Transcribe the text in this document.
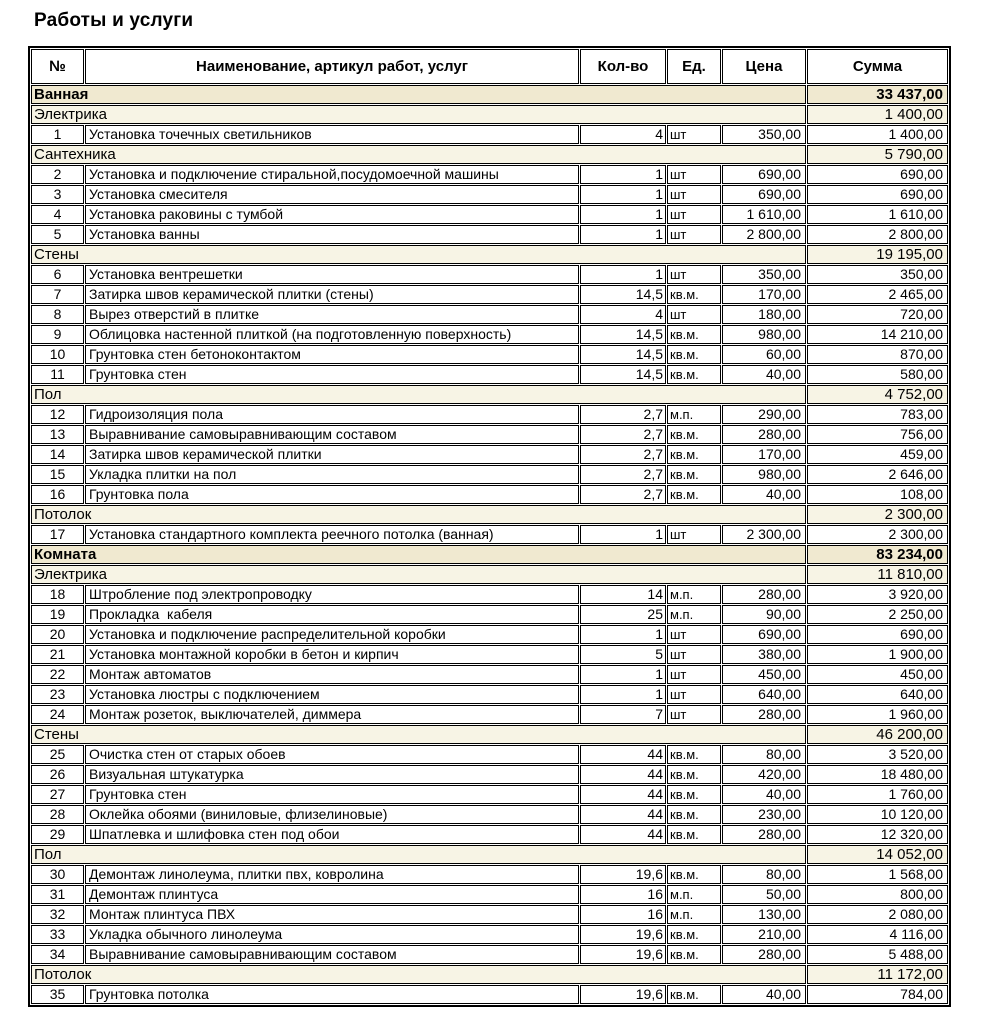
Работы и услуги
№	Наименование, артикул работ, услуг	Кол-во	Ед.	Цена	Сумма
Ванная					33 437,00
Электрика					1 400,00
1	Установка точечных светильников	4	шт	350,00	1 400,00
Сантехника					5 790,00
2	Установка и подключение стиральной,посудомоечной машины	1	шт	690,00	690,00
3	Установка смесителя	1	шт	690,00	690,00
4	Установка раковины с тумбой	1	шт	1 610,00	1 610,00
5	Установка ванны	1	шт	2 800,00	2 800,00
Стены					19 195,00
6	Установка вентрешетки	1	шт	350,00	350,00
7	Затирка швов керамической плитки (стены)	14,5	кв.м.	170,00	2 465,00
8	Вырез отверстий в плитке	4	шт	180,00	720,00
9	Облицовка настенной плиткой (на подготовленную поверхность)	14,5	кв.м.	980,00	14 210,00
10	Грунтовка стен бетоноконтактом	14,5	кв.м.	60,00	870,00
11	Грунтовка стен	14,5	кв.м.	40,00	580,00
Пол					4 752,00
12	Гидроизоляция пола	2,7	м.п.	290,00	783,00
13	Выравнивание самовыравнивающим составом	2,7	кв.м.	280,00	756,00
14	Затирка швов керамической плитки	2,7	кв.м.	170,00	459,00
15	Укладка плитки на пол	2,7	кв.м.	980,00	2 646,00
16	Грунтовка пола	2,7	кв.м.	40,00	108,00
Потолок					2 300,00
17	Установка стандартного комплекта реечного потолка (ванная)	1	шт	2 300,00	2 300,00
Комната					83 234,00
Электрика					11 810,00
18	Штробление под электропроводку	14	м.п.	280,00	3 920,00
19	Прокладка  кабеля	25	м.п.	90,00	2 250,00
20	Установка и подключение распределительной коробки	1	шт	690,00	690,00
21	Установка монтажной коробки в бетон и кирпич	5	шт	380,00	1 900,00
22	Монтаж автоматов	1	шт	450,00	450,00
23	Установка люстры с подключением	1	шт	640,00	640,00
24	Монтаж розеток, выключателей, диммера	7	шт	280,00	1 960,00
Стены					46 200,00
25	Очистка стен от старых обоев	44	кв.м.	80,00	3 520,00
26	Визуальная штукатурка	44	кв.м.	420,00	18 480,00
27	Грунтовка стен	44	кв.м.	40,00	1 760,00
28	Оклейка обоями (виниловые, флизелиновые)	44	кв.м.	230,00	10 120,00
29	Шпатлевка и шлифовка стен под обои	44	кв.м.	280,00	12 320,00
Пол					14 052,00
30	Демонтаж линолеума, плитки пвх, ковролина	19,6	кв.м.	80,00	1 568,00
31	Демонтаж плинтуса	16	м.п.	50,00	800,00
32	Монтаж плинтуса ПВХ	16	м.п.	130,00	2 080,00
33	Укладка обычного линолеума	19,6	кв.м.	210,00	4 116,00
34	Выравнивание самовыравнивающим составом	19,6	кв.м.	280,00	5 488,00
Потолок					11 172,00
35	Грунтовка потолка	19,6	кв.м.	40,00	784,00
